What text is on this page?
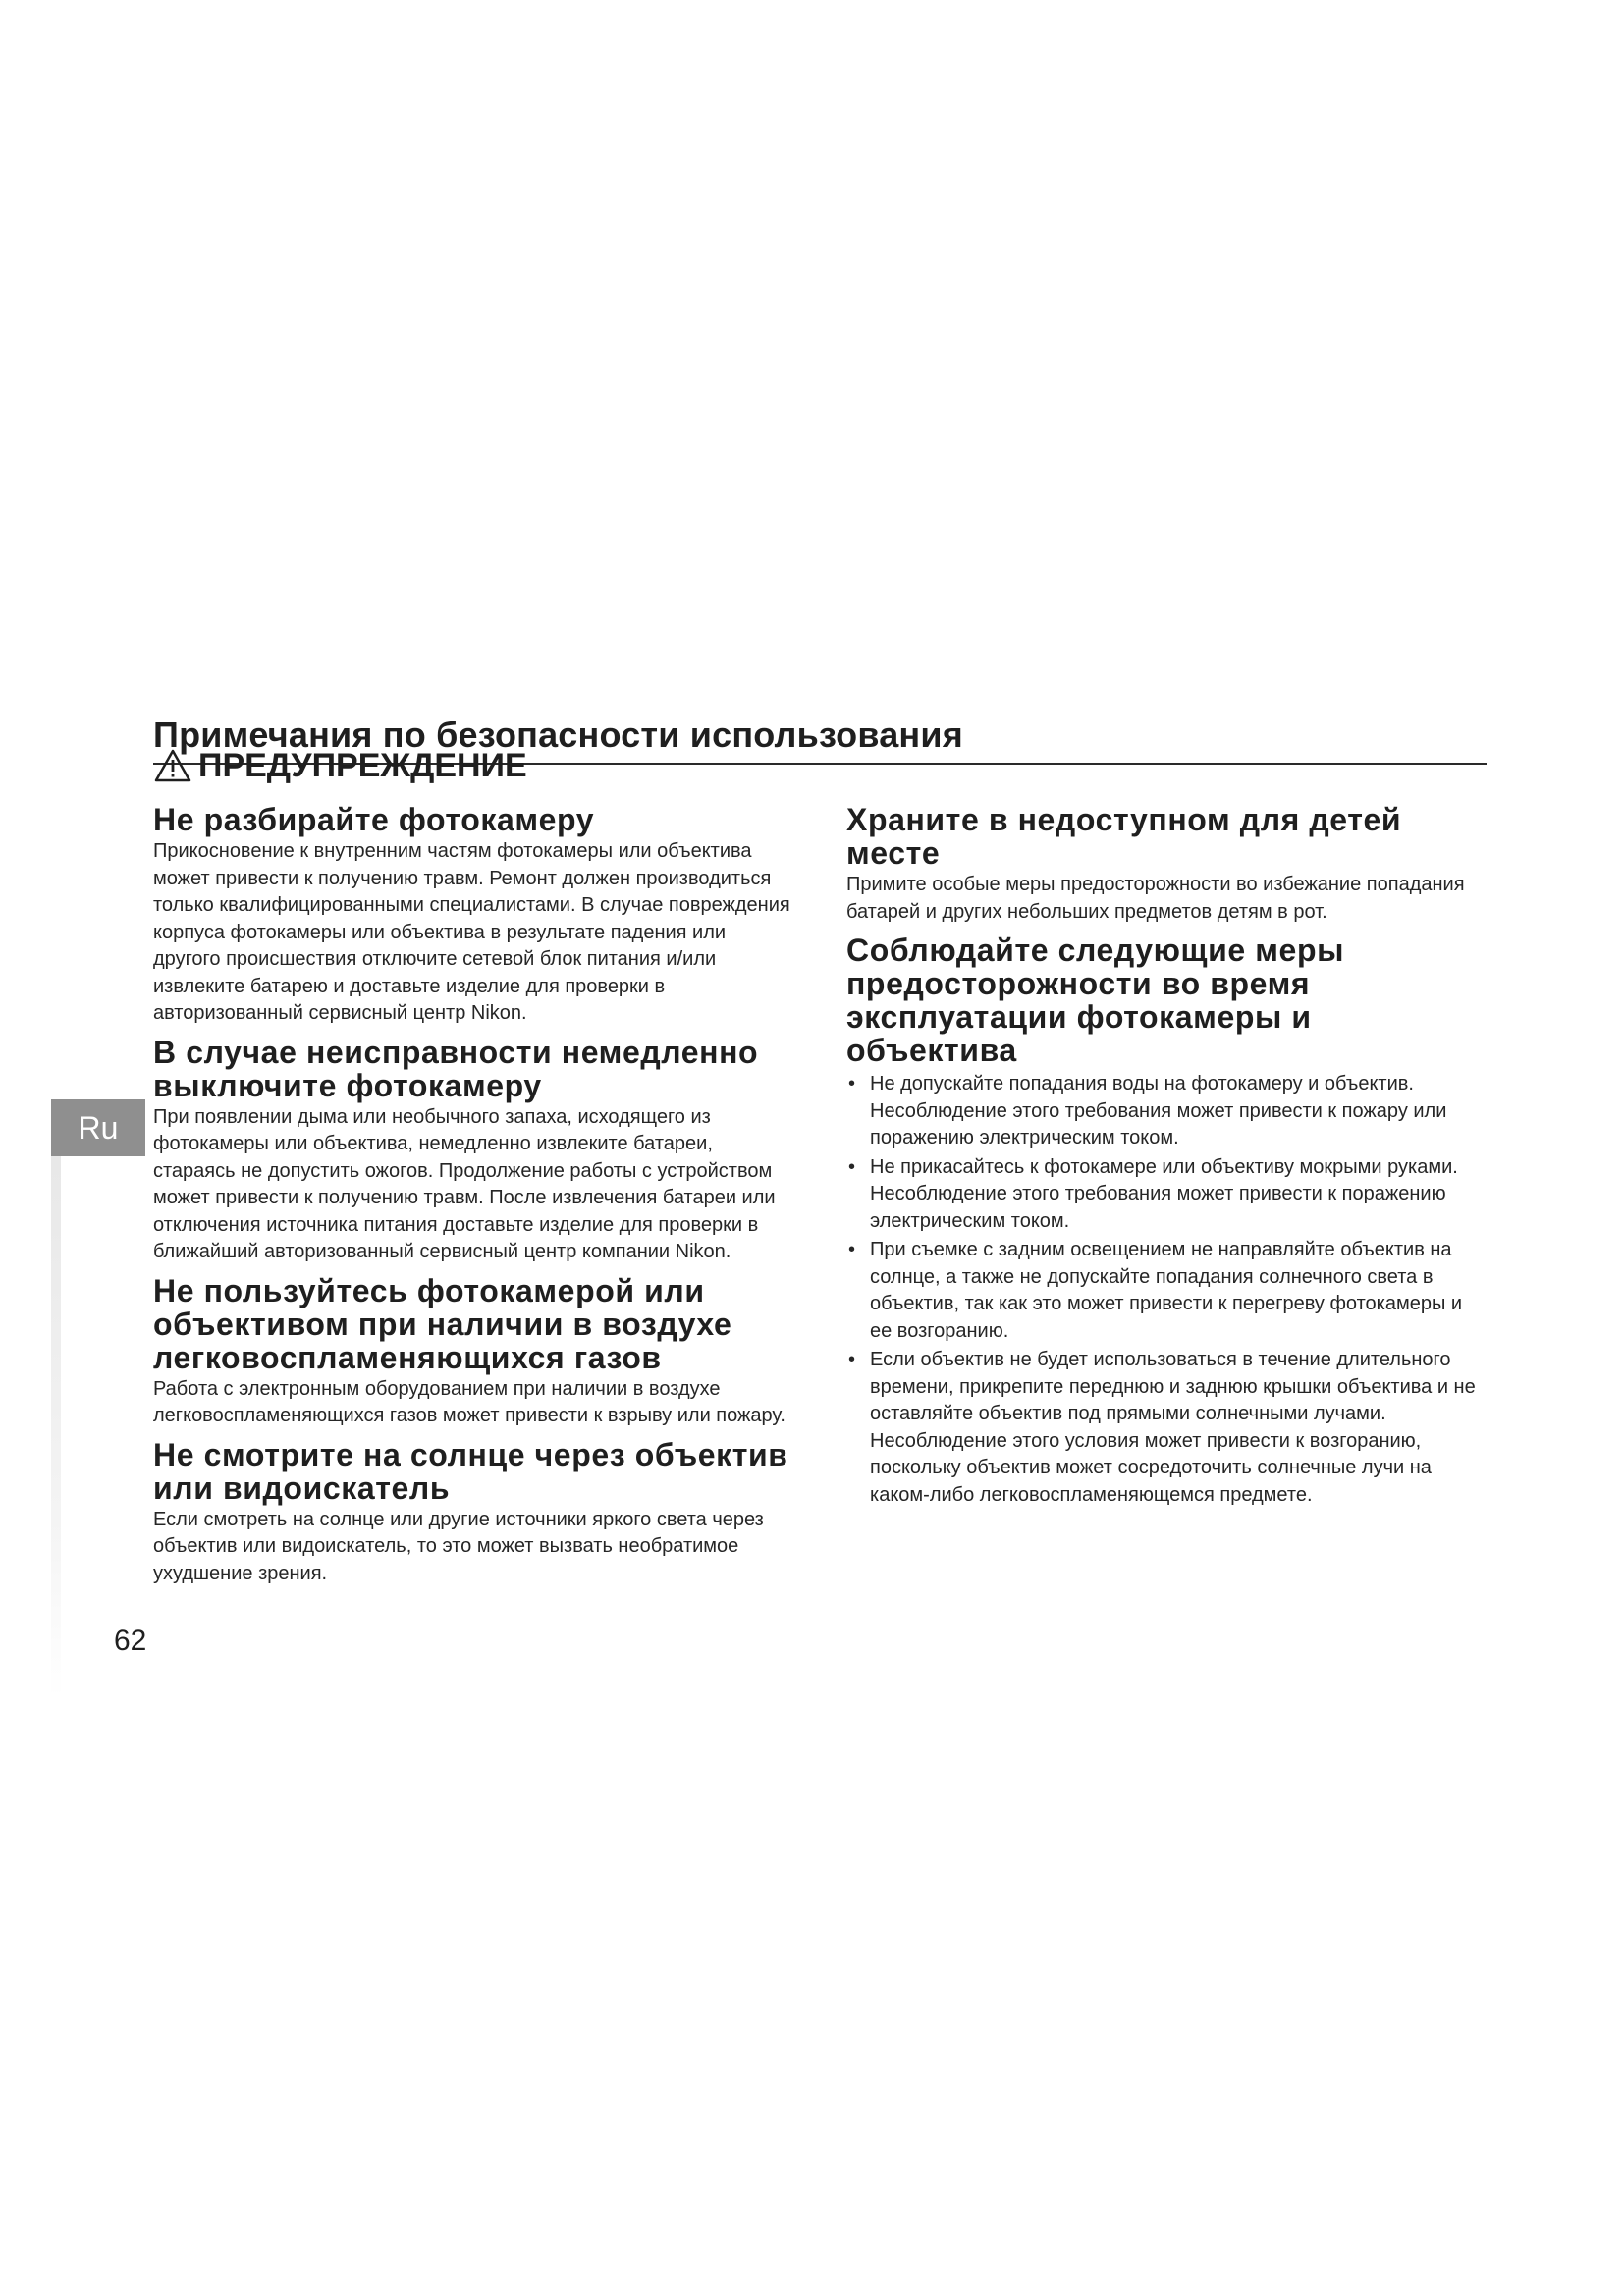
Примечания по безопасности использования
ПРЕДУПРЕЖДЕНИЕ
Ru
Не разбирайте фотокамеру

Прикосновение к внутренним частям фотокамеры или объектива может привести к получению травм. Ремонт должен производиться только квалифицированными специалистами. В случае повреждения корпуса фотокамеры или объектива в результате падения или другого происшествия отключите сетевой блок питания и/или извлеките батарею и доставьте изделие для проверки в авторизованный сервисный центр Nikon.

В случае неисправности немедленно выключите фотокамеру

При появлении дыма или необычного запаха, исходящего из фотокамеры или объектива, немедленно извлеките батареи, стараясь не допустить ожогов. Продолжение работы с устройством может привести к получению травм. После извлечения батареи или отключения источника питания доставьте изделие для проверки в ближайший авторизованный сервисный центр компании Nikon.

Не пользуйтесь фотокамерой или объективом при наличии в воздухе легковоспламеняющихся газов

Работа с электронным оборудованием при наличии в воздухе легковоспламеняющихся газов может привести к взрыву или пожару.

Не смотрите на солнце через объектив или видоискатель

Если смотреть на солнце или другие источники яркого света через объектив или видоискатель, то это может вызвать необратимое ухудшение зрения.

Храните в недоступном для детей месте

Примите особые меры предосторожности во избежание попадания батарей и других небольших предметов детям в рот.

Соблюдайте следующие меры предосторожности во время эксплуатации фотокамеры и объектива
• Не допускайте попадания воды на фотокамеру и объектив. Несоблюдение этого требования может привести к пожару или поражению электрическим током.
• Не прикасайтесь к фотокамере или объективу мокрыми руками. Несоблюдение этого требования может привести к поражению электрическим током.
• При съемке с задним освещением не направляйте объектив на солнце, а также не допускайте попадания солнечного света в объектив, так как это может привести к перегреву фотокамеры и ее возгоранию.
• Если объектив не будет использоваться в течение длительного времени, прикрепите переднюю и заднюю крышки объектива и не оставляйте объектив под прямыми солнечными лучами. Несоблюдение этого условия может привести к возгоранию, поскольку объектив может сосредоточить солнечные лучи на каком-либо легковоспламеняющемся предмете.
62
